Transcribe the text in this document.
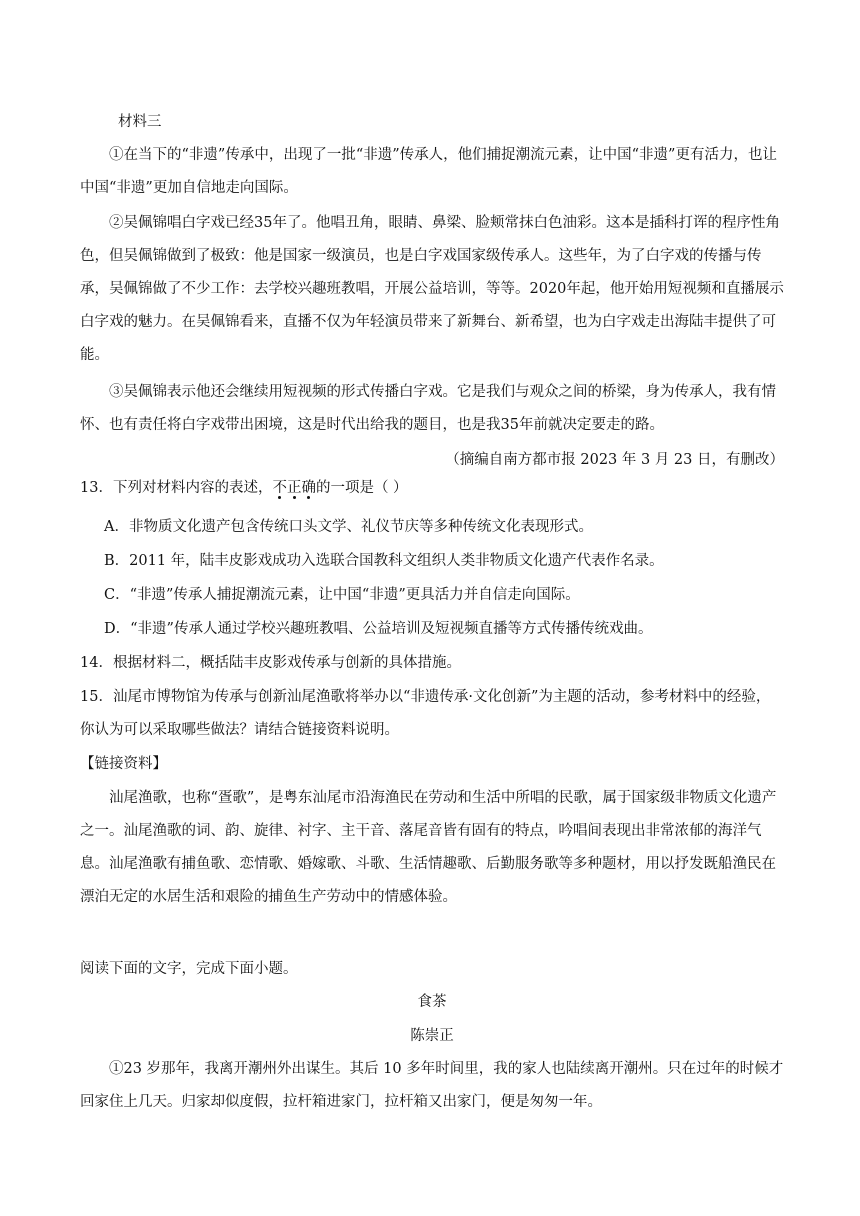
材料三
①在当下的“非遗”传承中，出现了一批“非遗”传承人，他们捕捉潮流元素，让中国“非遗”更有活力，也让中国“非遗”更加自信地走向国际。
②吴佩锦唱白字戏已经35年了。他唱丑角，眼睛、鼻梁、脸颊常抹白色油彩。这本是插科打诨的程序性角色，但吴佩锦做到了极致：他是国家一级演员，也是白字戏国家级传承人。这些年，为了白字戏的传播与传承，吴佩锦做了不少工作：去学校兴趣班教唱，开展公益培训，等等。2020年起，他开始用短视频和直播展示白字戏的魅力。在吴佩锦看来，直播不仅为年轻演员带来了新舞台、新希望，也为白字戏走出海陆丰提供了可能。
③吴佩锦表示他还会继续用短视频的形式传播白字戏。它是我们与观众之间的桥梁，身为传承人，我有情怀、也有责任将白字戏带出困境，这是时代出给我的题目，也是我35年前就决定要走的路。
（摘编自南方都市报 2023 年 3 月 23 日，有删改）
13．下列对材料内容的表述，不正确的一项是（ ）
A．非物质文化遗产包含传统口头文学、礼仪节庆等多种传统文化表现形式。
B．2011 年，陆丰皮影戏成功入选联合国教科文组织人类非物质文化遗产代表作名录。
C．“非遗”传承人捕捉潮流元素，让中国“非遗”更具活力并自信走向国际。
D．“非遗”传承人通过学校兴趣班教唱、公益培训及短视频直播等方式传播传统戏曲。
14．根据材料二，概括陆丰皮影戏传承与创新的具体措施。
15．汕尾市博物馆为传承与创新汕尾渔歌将举办以“非遗传承·文化创新”为主题的活动，参考材料中的经验，你认为可以采取哪些做法？请结合链接资料说明。
【链接资料】
汕尾渔歌，也称“疍歌”，是粤东汕尾市沿海渔民在劳动和生活中所唱的民歌，属于国家级非物质文化遗产之一。汕尾渔歌的词、韵、旋律、衬字、主干音、落尾音皆有固有的特点，吟唱间表现出非常浓郁的海洋气息。汕尾渔歌有捕鱼歌、恋情歌、婚嫁歌、斗歌、生活情趣歌、后勤服务歌等多种题材，用以抒发既船渔民在漂泊无定的水居生活和艰险的捕鱼生产劳动中的情感体验。
阅读下面的文字，完成下面小题。
食茶
陈崇正
①23 岁那年，我离开潮州外出谋生。其后 10 多年时间里，我的家人也陆续离开潮州。只在过年的时候才回家住上几天。归家却似度假，拉杆箱进家门，拉杆箱又出家门，便是匆匆一年。
